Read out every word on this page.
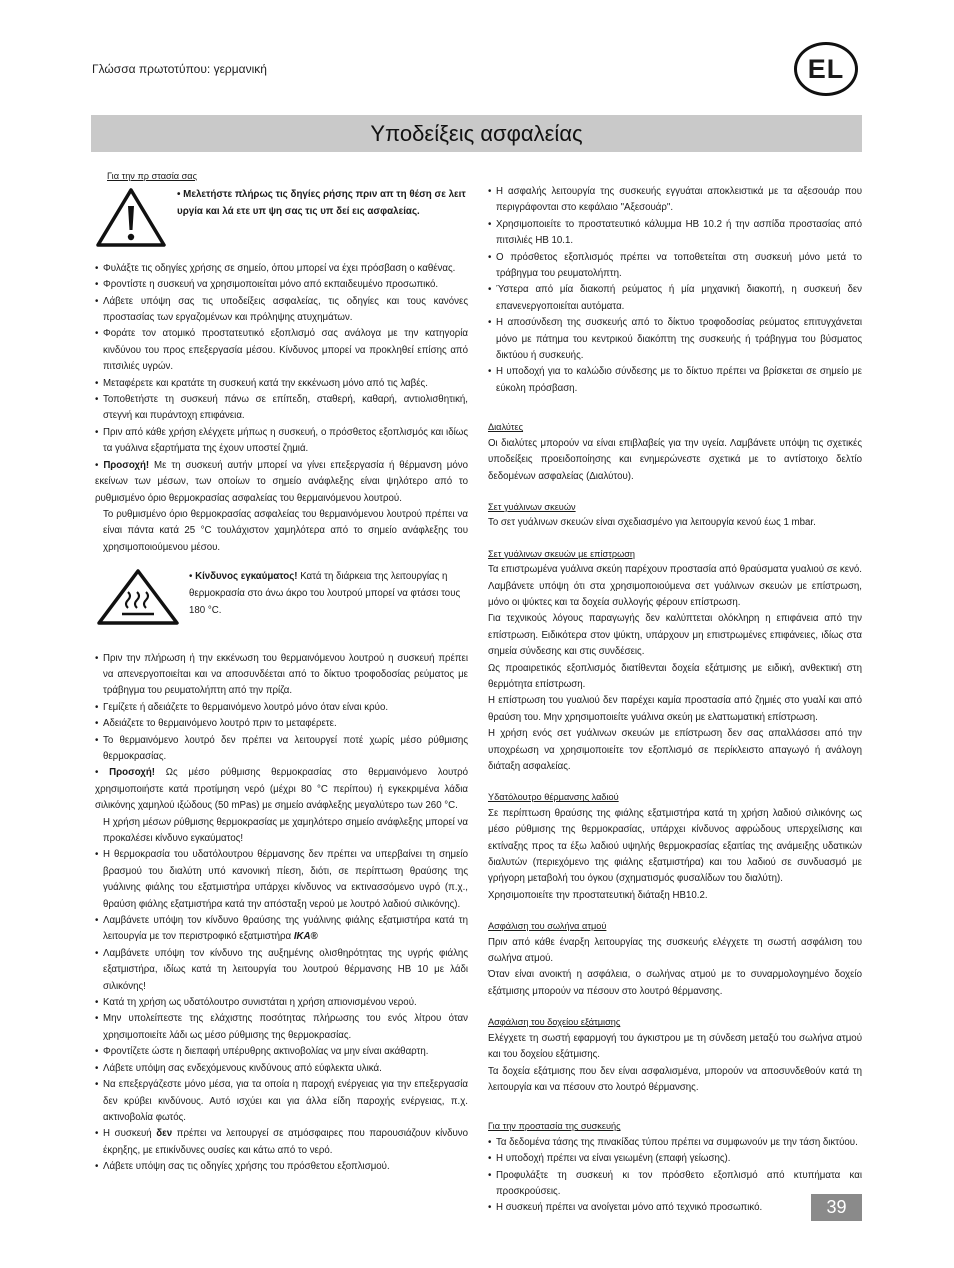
Γλώσσα πρωτοτύπου: γερμανική	EL
Υποδείξεις ασφαλείας
Για την πρ στασία σας
• Μελετήστε πλήρως τις δηγίες ρήσης πριν απ τη θέση σε λειτ υργία και λά ετε υπ ψη σας τις υπ δεί εις ασφαλείας.
• Φυλάξτε τις οδηγίες χρήσης σε σημείο, όπου μπορεί να έχει πρόσβαση ο καθένας.
• Φροντίστε η συσκευή να χρησιμοποιείται μόνο από εκπαιδευμένο προσωπικό.
• Λάβετε υπόψη σας τις υποδείξεις ασφαλείας, τις οδηγίες και τους κανόνες προστασίας των εργαζομένων και πρόληψης ατυχημάτων.
• Φοράτε τον ατομικό προστατευτικό εξοπλισμό σας ανάλογα με την κατηγορία κινδύνου του προς επεξεργασία μέσου. Κίνδυνος μπορεί να προκληθεί επίσης από πιτσιλιές υγρών.
• Μεταφέρετε και κρατάτε τη συσκευή κατά την εκκένωση μόνο από τις λαβές.
• Τοποθετήστε τη συσκευή πάνω σε επίπεδη, σταθερή, καθαρή, αντιολισθητική, στεγνή και πυράντοχη επιφάνεια.
• Πριν από κάθε χρήση ελέγχετε μήπως η συσκευή, ο πρόσθετος εξοπλισμός και ιδίως τα γυάλινα εξαρτήματα της έχουν υποστεί ζημιά.
• Προσοχή! Με τη συσκευή αυτήν μπορεί να γίνει επεξεργασία ή θέρμανση μόνο εκείνων των μέσων, των οποίων το σημείο ανάφλεξης είναι ψηλότερο από το ρυθμισμένο όριο θερμοκρασίας ασφαλείας του θερμαινόμενου λουτρού.
Το ρυθμισμένο όριο θερμοκρασίας ασφαλείας του θερμαινόμενου λουτρού πρέπει να είναι πάντα κατά 25 °C τουλάχιστον χαμηλότερα από το σημείο ανάφλεξης του χρησιμοποιούμενου μέσου.
• Κίνδυνος εγκαύματος! Κατά τη διάρκεια της λειτουργίας η θερμοκρασία στο άνω άκρο του λουτρού μπορεί να φτάσει τους 180 °C.
• Πριν την πλήρωση ή την εκκένωση του θερμαινόμενου λουτρού η συσκευή πρέπει να απενεργοποιείται και να αποσυνδέεται από το δίκτυο τροφοδοσίας ρεύματος με τράβηγμα του ρευματολήπτη από την πρίζα.
• Γεμίζετε ή αδειάζετε το θερμαινόμενο λουτρό μόνο όταν είναι κρύο.
• Αδειάζετε το θερμαινόμενο λουτρό πριν το μεταφέρετε.
• Το θερμαινόμενο λουτρό δεν πρέπει να λειτουργεί ποτέ χωρίς μέσο ρύθμισης θερμοκρασίας.
• Προσοχή! Ως μέσο ρύθμισης θερμοκρασίας στο θερμαινόμενο λουτρό χρησιμοποιήστε κατά προτίμηση νερό (μέχρι 80 °C περίπου) ή εγκεκριμένα λάδια σιλικόνης χαμηλού ιξώδους (50 mPas) με σημείο ανάφλεξης μεγαλύτερο των 260 °C.
Η χρήση μέσων ρύθμισης θερμοκρασίας με χαμηλότερο σημείο ανάφλεξης μπορεί να προκαλέσει κίνδυνο εγκαύματος!
• Η θερμοκρασία του υδατόλουτρου θέρμανσης δεν πρέπει να υπερβαίνει τη σημείο βρασμού του διαλύτη υπό κανονική πίεση, διότι, σε περίπτωση θραύσης της γυάλινης φιάλης του εξατμιστήρα υπάρχει κίνδυνος να εκτινασσόμενο υγρό (π.χ., θραύση φιάλης εξατμιστήρα κατά την απόσταξη νερού με λουτρό λαδιού σιλικόνης).
• Λαμβάνετε υπόψη τον κίνδυνο θραύσης της γυάλινης φιάλης εξατμιστήρα κατά τη λειτουργία με τον περιστροφικό εξατμιστήρα IKA®
• Λαμβάνετε υπόψη τον κίνδυνο της αυξημένης ολισθηρότητας της υγρής φιάλης εξατμιστήρα, ιδίως κατά τη λειτουργία του λουτρού θέρμανσης HB 10 με λάδι σιλικόνης!
• Κατά τη χρήση ως υδατόλουτρο συνιστάται η χρήση απιονισμένου νερού.
• Μην υπολείπεστε της ελάχιστης ποσότητας πλήρωσης του ενός λίτρου όταν χρησιμοποιείτε λάδι ως μέσο ρύθμισης της θερμοκρασίας.
• Φροντίζετε ώστε η διεπαφή υπέρυθρης ακτινοβολίας να μην είναι ακάθαρτη.
• Λάβετε υπόψη σας ενδεχόμενους κινδύνους από εύφλεκτα υλικά.
• Να επεξεργάζεστε μόνο μέσα, για τα οποία η παροχή ενέργειας για την επεξεργασία δεν κρύβει κινδύνους. Αυτό ισχύει και για άλλα είδη παροχής ενέργειας, π.χ. ακτινοβολία φωτός.
• Η συσκευή δεν πρέπει να λειτουργεί σε ατμόσφαιρες που παρουσιάζουν κίνδυνο έκρηξης, με επικίνδυνες ουσίες και κάτω από το νερό.
• Λάβετε υπόψη σας τις οδηγίες χρήσης του πρόσθετου εξοπλισμού.
• Η ασφαλής λειτουργία της συσκευής εγγυάται αποκλειστικά με τα αξεσουάρ που περιγράφονται στο κεφάλαιο "Αξεσουάρ".
• Χρησιμοποιείτε το προστατευτικό κάλυμμα HB 10.2 ή την ασπίδα προστασίας από πιτσιλιές HB 10.1.
• Ο πρόσθετος εξοπλισμός πρέπει να τοποθετείται στη συσκευή μόνο μετά το τράβηγμα του ρευματολήπτη.
• Ύστερα από μία διακοπή ρεύματος ή μία μηχανική διακοπή, η συσκευή δεν επανενεργοποιείται αυτόματα.
• Η αποσύνδεση της συσκευής από το δίκτυο τροφοδοσίας ρεύματος επιτυγχάνεται μόνο με πάτημα του κεντρικού διακόπτη της συσκευής ή τράβηγμα του βύσματος δικτύου ή συσκευής.
• Η υποδοχή για το καλώδιο σύνδεσης με το δίκτυο πρέπει να βρίσκεται σε σημείο με εύκολη πρόσβαση.
Διαλύτες

Οι διαλύτες μπορούν να είναι επιβλαβείς για την υγεία. Λαμβάνετε υπόψη τις σχετικές υποδείξεις προειδοποίησης και ενημερώνεστε σχετικά με το αντίστοιχο δελτίο δεδομένων ασφαλείας (Διαλύτου).

Σετ γυάλινων σκευών

Το σετ γυάλινων σκευών είναι σχεδιασμένο για λειτουργία κενού έως 1 mbar.

Σετ γυάλινων σκευών με επίστρωση

Τα επιστρωμένα γυάλινα σκεύη παρέχουν προστασία από θραύσματα γυαλιού σε κενό. Λαμβάνετε υπόψη ότι στα χρησιμοποιούμενα σετ γυάλινων σκευών με επίστρωση, μόνο οι ψύκτες και τα δοχεία συλλογής φέρουν επίστρωση.

Για τεχνικούς λόγους παραγωγής δεν καλύπτεται ολόκληρη η επιφάνεια από την επίστρωση. Ειδικότερα στον ψύκτη, υπάρχουν μη επιστρωμένες επιφάνειες, ιδίως στα σημεία σύνδεσης και στις συνδέσεις.

Ως προαιρετικός εξοπλισμός διατίθενται δοχεία εξάτμισης με ειδική, ανθεκτική στη θερμότητα επίστρωση.

Η επίστρωση του γυαλιού δεν παρέχει καμία προστασία από ζημιές στο γυαλί και από θραύση του. Μην χρησιμοποιείτε γυάλινα σκεύη με ελαττωματική επίστρωση.

Η χρήση ενός σετ γυάλινων σκευών με επίστρωση δεν σας απαλλάσσει από την υποχρέωση να χρησιμοποιείτε τον εξοπλισμό σε περίκλειστο απαγωγό ή ανάλογη διάταξη ασφαλείας.

Υδατόλουτρο θέρμανσης λαδιού

Σε περίπτωση θραύσης της φιάλης εξατμιστήρα κατά τη χρήση λαδιού σιλικόνης ως μέσο ρύθμισης της θερμοκρασίας, υπάρχει κίνδυνος αφρώδους υπερχείλισης και εκτίναξης προς τα έξω λαδιού υψηλής θερμοκρασίας εξαιτίας της ανάμειξης υδατικών διαλυτών (περιεχόμενο της φιάλης εξατμιστήρα) και του λαδιού σε συνδυασμό με γρήγορη μεταβολή του όγκου (σχηματισμός φυσαλίδων του διαλύτη).

Χρησιμοποιείτε την προστατευτική διάταξη HB10.2.

Ασφάλιση του σωλήνα ατμού

Πριν από κάθε έναρξη λειτουργίας της συσκευής ελέγχετε τη σωστή ασφάλιση του σωλήνα ατμού.

Όταν είναι ανοικτή η ασφάλεια, ο σωλήνας ατμού με το συναρμολογημένο δοχείο εξάτμισης μπορούν να πέσουν στο λουτρό θέρμανσης.

Ασφάλιση του δοχείου εξάτμισης

Ελέγχετε τη σωστή εφαρμογή του άγκιστρου με τη σύνδεση μεταξύ του σωλήνα ατμού και του δοχείου εξάτμισης.

Τα δοχεία εξάτμισης που δεν είναι ασφαλισμένα, μπορούν να αποσυνδεθούν κατά τη λειτουργία και να πέσουν στο λουτρό θέρμανσης.

Για την προστασία της συσκευής
• Τα δεδομένα τάσης της πινακίδας τύπου πρέπει να συμφωνούν με την τάση δικτύου.
• Η υποδοχή πρέπει να είναι γειωμένη (επαφή γείωσης).
• Προφυλάξτε τη συσκευή κι τον πρόσθετο εξοπλισμό από κτυπήματα και προσκρούσεις.
• Η συσκευή πρέπει να ανοίγεται μόνο από τεχνικό προσωπικό.	39
